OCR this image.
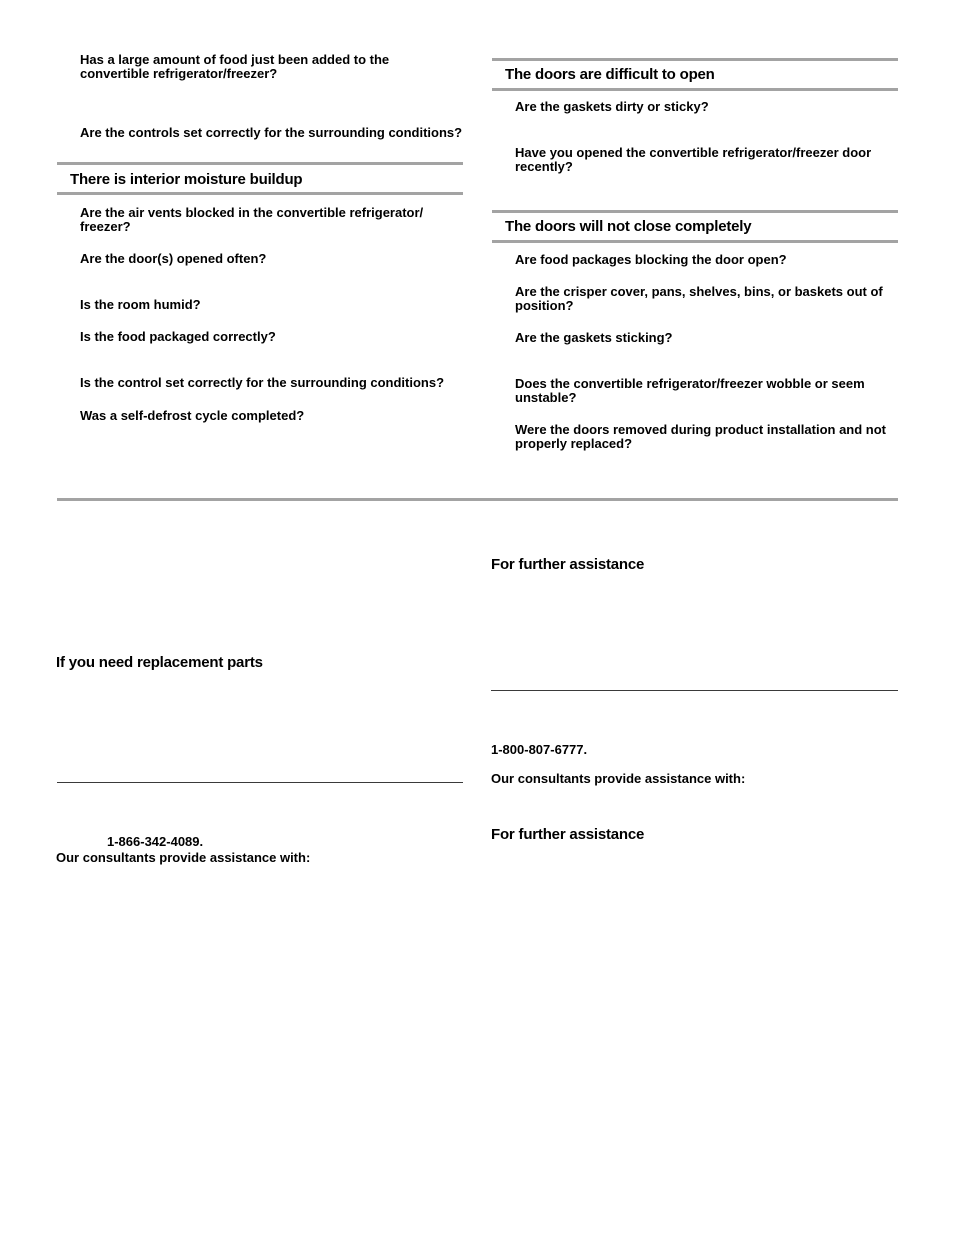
Has a large amount of food just been added to the convertible refrigerator/freezer?
Are the controls set correctly for the surrounding conditions?
There is interior moisture buildup
Are the air vents blocked in the convertible refrigerator/ freezer?
Are the door(s) opened often?
Is the room humid?
Is the food packaged correctly?
Is the control set correctly for the surrounding conditions?
Was a self-defrost cycle completed?
The doors are difficult to open
Are the gaskets dirty or sticky?
Have you opened the convertible refrigerator/freezer door recently?
The doors will not close completely
Are food packages blocking the door open?
Are the crisper cover, pans, shelves, bins, or baskets out of position?
Are the gaskets sticking?
Does the convertible refrigerator/freezer wobble or seem unstable?
Were the doors removed during product installation and not properly replaced?
For further assistance
If you need replacement parts
1-800-807-6777.
Our consultants provide assistance with:
For further assistance
1-866-342-4089.
Our consultants provide assistance with:
